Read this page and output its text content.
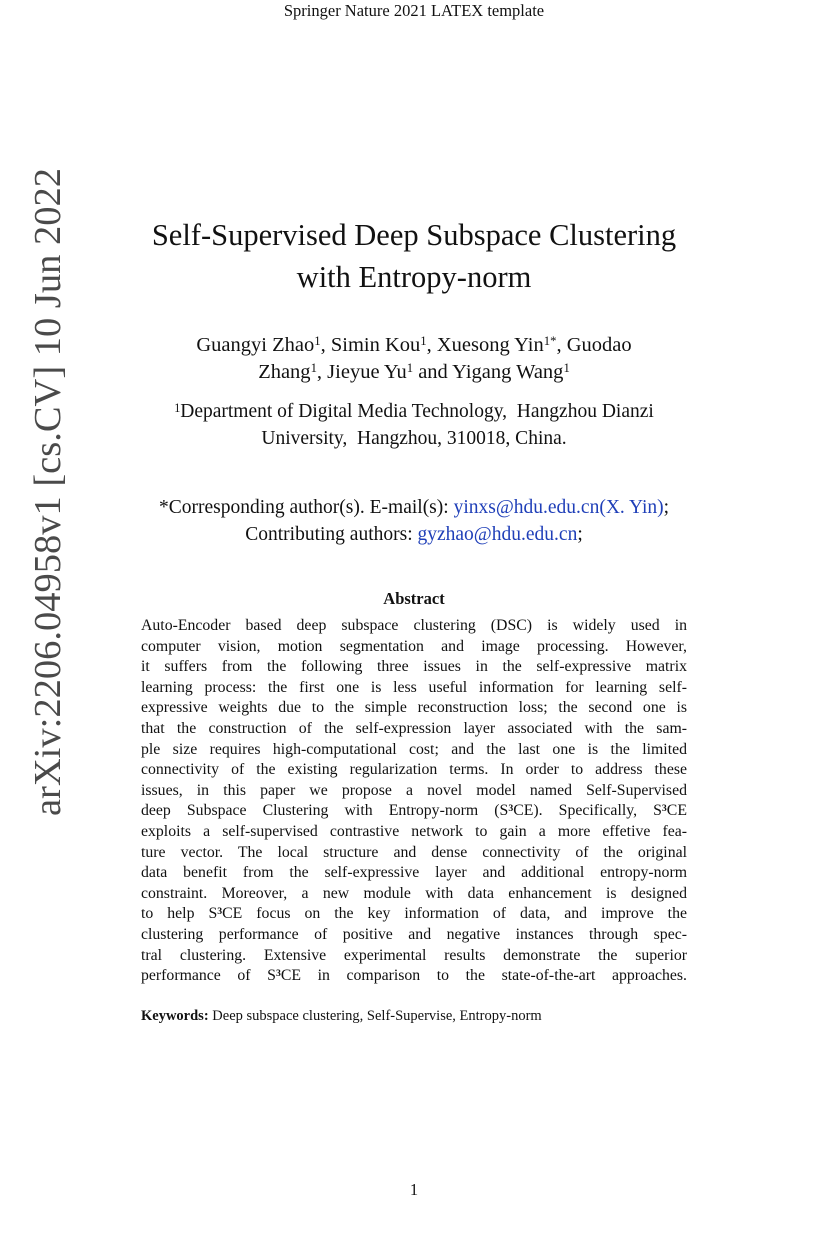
Springer Nature 2021 LATEX template
arXiv:2206.04958v1 [cs.CV] 10 Jun 2022	Self-Supervised Deep Subspace Clustering
with Entropy-norm
Guangyi Zhao$^1$, Simin Kou$^1$, Xuesong Yin$^{1*}$, Guodao
Zhang$^1$, Jieyue Yu$^1$ and Yigang Wang$^1$
$^1$Department of Digital Media Technology,  Hangzhou Dianzi
University,  Hangzhou, 310018, China.
*Corresponding author(s). E-mail(s): yinxs@hdu.edu.cn(X. Yin);
Contributing authors: gyzhao@hdu.edu.cn;
Abstract
Auto-Encoder based deep subspace clustering (DSC) is widely used in
computer vision, motion segmentation and image processing. However,
it suffers from the following three issues in the self-expressive matrix
learning process: the first one is less useful information for learning self-
expressive weights due to the simple reconstruction loss; the second one is
that the construction of the self-expression layer associated with the sam-
ple size requires high-computational cost; and the last one is the limited
connectivity of the existing regularization terms. In order to address these
issues, in this paper we propose a novel model named Self-Supervised
deep Subspace Clustering with Entropy-norm $(S^3CE)$. Specifically, $S^3CE$
exploits a self-supervised contrastive network to gain a more effetive fea-
ture vector. The local structure and dense connectivity of the original
data benefit from the self-expressive layer and additional entropy-norm
constraint. Moreover, a new module with data enhancement is designed
to help $S^3CE$ focus on the key information of data, and improve the
clustering performance of positive and negative instances through spec-
tral clustering. Extensive experimental results demonstrate the superior
performance of $S^3CE$ in comparison to the state-of-the-art approaches.
Keywords: Deep subspace clustering, Self-Supervise, Entropy-norm
1
